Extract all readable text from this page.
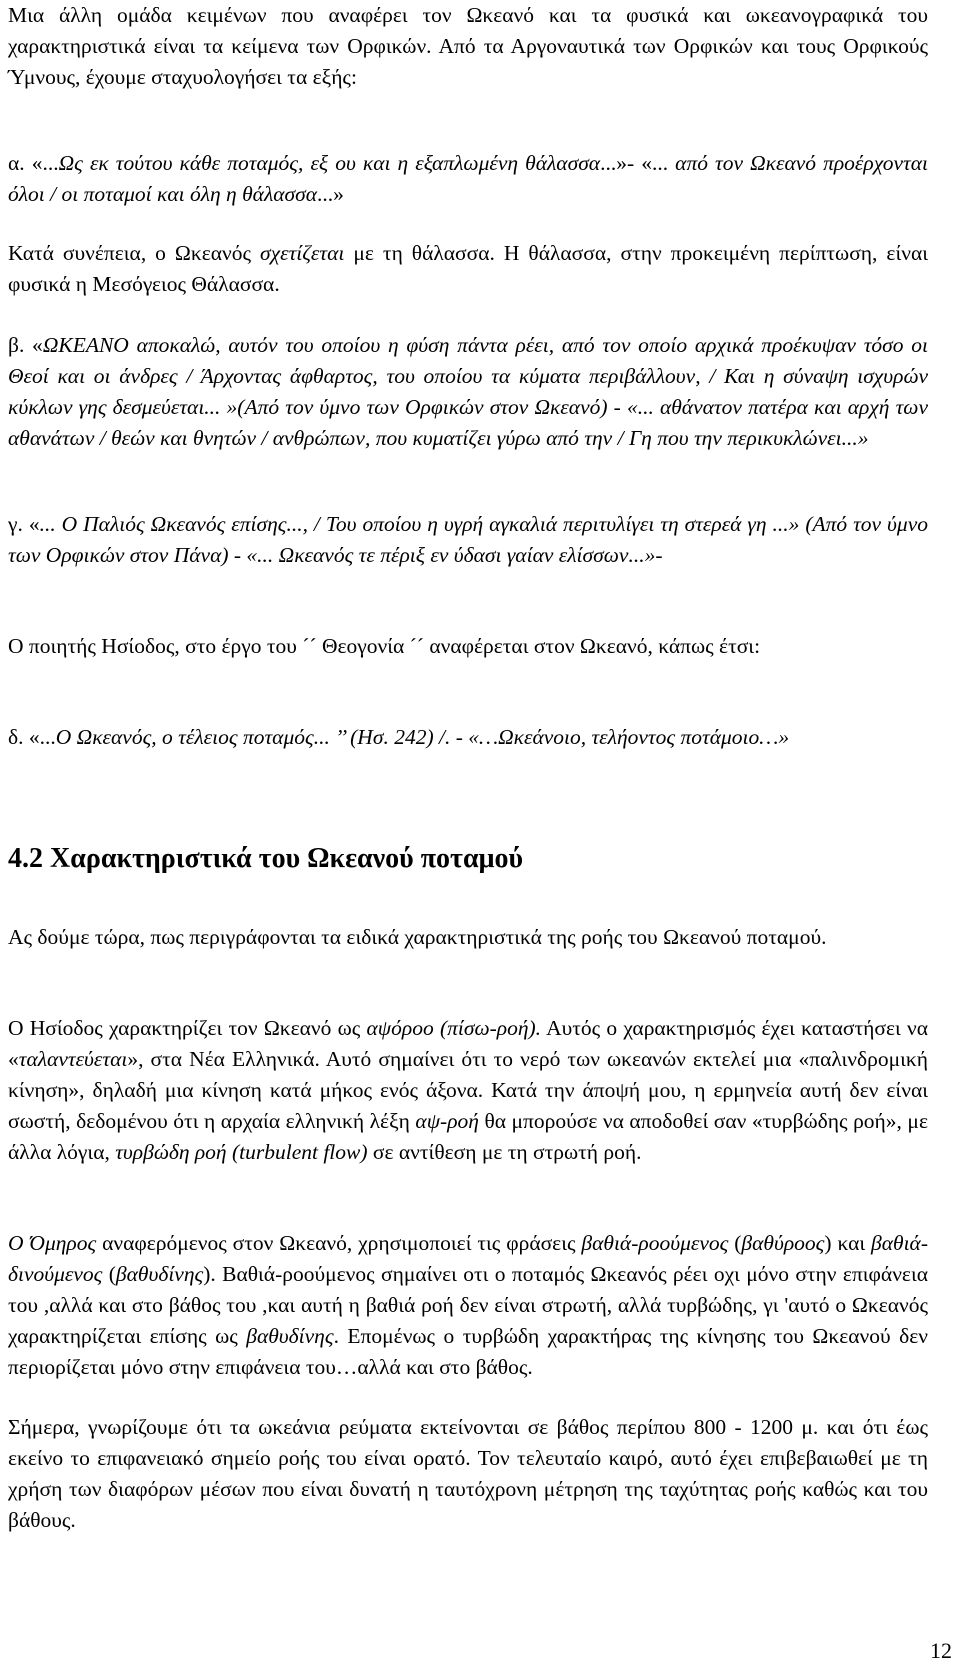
Μια άλλη ομάδα κειμένων που αναφέρει τον Ωκεανό και τα φυσικά και ωκεανογραφικά του χαρακτηριστικά είναι τα κείμενα των Ορφικών. Από τα Αργοναυτικά των Ορφικών και τους Ορφικούς Ύμνους, έχουμε σταχυολογήσει τα εξής:

α. «...Ως εκ τούτου κάθε ποταμός, εξ ου και η εξαπλωμένη θάλασσα...»- «... από τον Ωκεανό προέρχονται όλοι / οι ποταμοί και όλη η θάλασσα...»

Κατά συνέπεια, ο Ωκεανός σχετίζεται με τη θάλασσα. Η θάλασσα, στην προκειμένη περίπτωση, είναι φυσικά η Μεσόγειος Θάλασσα.

β. «ΩΚΕΑΝΟ αποκαλώ, αυτόν του οποίου η φύση πάντα ρέει, από τον οποίο αρχικά προέκυψαν τόσο οι Θεοί και οι άνδρες / Άρχοντας άφθαρτος, του οποίου τα κύματα περιβάλλουν, / Και η σύναψη ισχυρών κύκλων γης δεσμεύεται... »(Από τον ύμνο των Ορφικών στον Ωκεανό) - «... αθάνατον πατέρα και αρχή των αθανάτων / θεών και θνητών / ανθρώπων, που κυματίζει γύρω από την / Γη που την περικυκλώνει...»

γ. «... Ο Παλιός Ωκεανός επίσης..., / Του οποίου η υγρή αγκαλιά περιτυλίγει τη στερεά γη ...» (Από τον ύμνο των Ορφικών στον Πάνα) - «... Ωκεανός τε πέριξ εν ύδασι γαίαν ελίσσων...»-

Ο ποιητής Ησίοδος, στο έργο του ´´ Θεογονία ´´ αναφέρεται στον Ωκεανό, κάπως έτσι:

δ. «...Ο Ωκεανός, ο τέλειος ποταμός... ’’ (Ησ. 242) /. - «…Ωκεάνοιο, τελήοντος ποτάμοιο…»

4.2 Χαρακτηριστικά του Ωκεανού ποταμού

Ας δούμε τώρα, πως περιγράφονται τα ειδικά χαρακτηριστικά της ροής του Ωκεανού ποταμού.

Ο Ησίοδος χαρακτηρίζει τον Ωκεανό ως αψόροο (πίσω-ροή). Αυτός ο χαρακτηρισμός έχει καταστήσει να «ταλαντεύεται», στα Νέα Ελληνικά. Αυτό σημαίνει ότι το νερό των ωκεανών εκτελεί μια «παλινδρομική κίνηση», δηλαδή μια κίνηση κατά μήκος ενός άξονα. Κατά την άποψή μου, η ερμηνεία αυτή δεν είναι σωστή, δεδομένου ότι η αρχαία ελληνική λέξη αψ-ροή θα μπορούσε να αποδοθεί σαν «τυρβώδης ροή», με άλλα λόγια, τυρβώδη ροή (turbulent flow) σε αντίθεση με τη στρωτή ροή.

Ο Όμηρος αναφερόμενος στον Ωκεανό, χρησιμοποιεί τις φράσεις βαθιά-ροούμενος (βαθύροος) και βαθιά-δινούμενος (βαθυδίνης). Βαθιά-ροούμενος σημαίνει οτι ο ποταμός Ωκεανός ρέει οχι μόνο στην επιφάνεια του ,αλλά και στο βάθος του ,και αυτή η βαθιά ροή δεν είναι στρωτή, αλλά τυρβώδης, γι 'αυτό ο Ωκεανός χαρακτηρίζεται επίσης ως βαθυδίνης. Επομένως ο τυρβώδη χαρακτήρας της κίνησης του Ωκεανού δεν περιορίζεται μόνο στην επιφάνεια του…αλλά και στο βάθος.

Σήμερα, γνωρίζουμε ότι τα ωκεάνια ρεύματα εκτείνονται σε βάθος περίπου 800 - 1200 μ. και ότι έως εκείνο το επιφανειακό σημείο ροής του είναι ορατό. Τον τελευταίο καιρό, αυτό έχει επιβεβαιωθεί με τη χρήση των διαφόρων μέσων που είναι δυνατή η ταυτόχρονη μέτρηση της ταχύτητας ροής καθώς και του βάθους.

12
